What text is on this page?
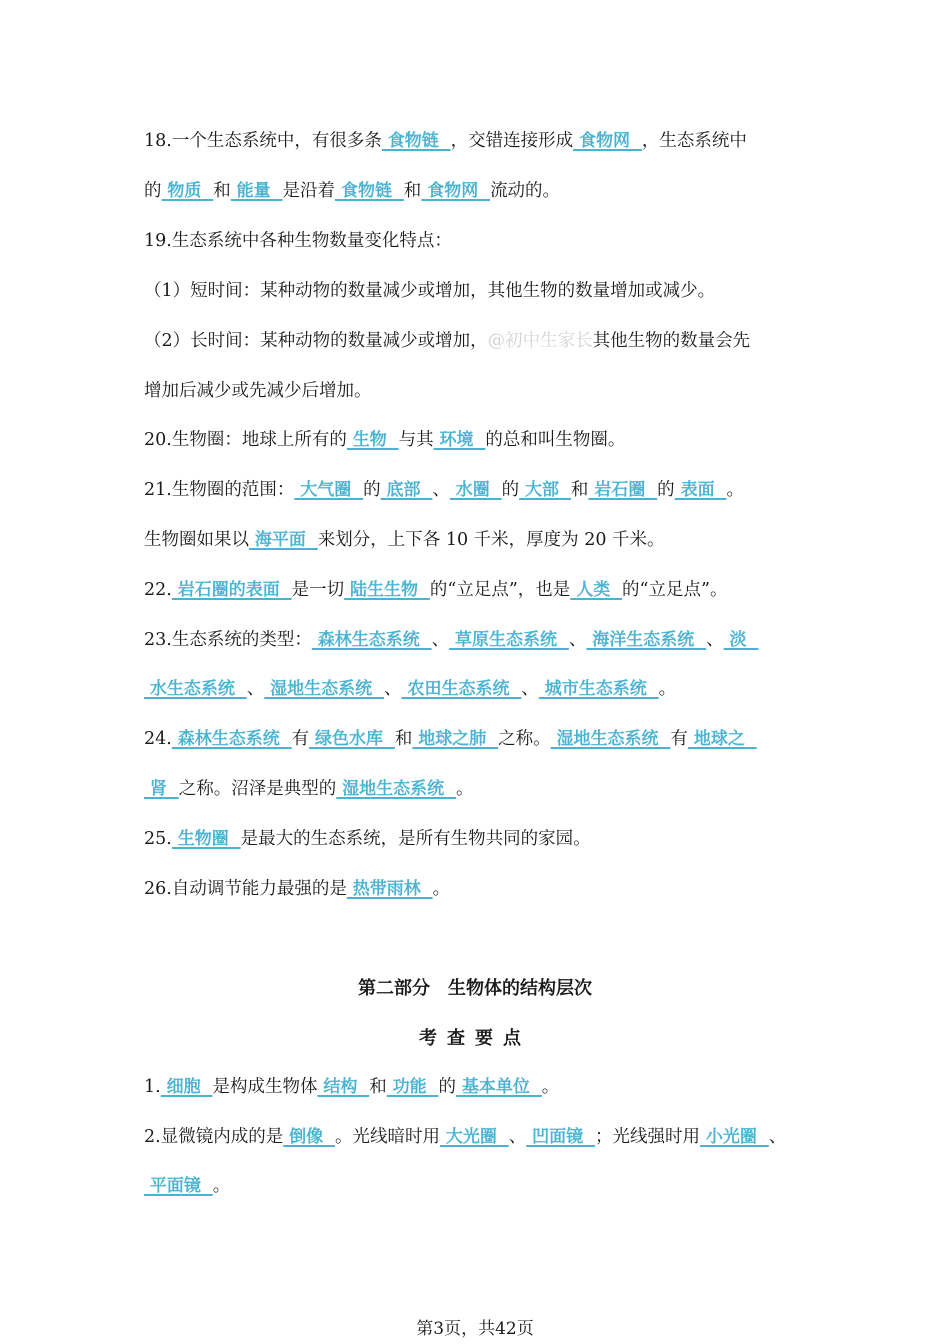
18.一个生态系统中，有很多条 食物链  ，交错连接形成 食物网  ，生态系统中
的 物质  和 能量  是沿着 食物链  和 食物网  流动的。
19.生态系统中各种生物数量变化特点：
（1）短时间：某种动物的数量减少或增加，其他生物的数量增加或减少。
（2）长时间：某种动物的数量减少或增加，@初中生家长其他生物的数量会先
增加后减少或先减少后增加。
20.生物圈：地球上所有的 生物  与其 环境  的总和叫生物圈。
21.生物圈的范围： 大气圈  的 底部  、 水圈  的 大部  和 岩石圈  的 表面  。
生物圈如果以 海平面  来划分，上下各 10 千米，厚度为 20 千米。
22. 岩石圈的表面  是一切 陆生生物  的“立足点”，也是 人类  的“立足点”。
23.生态系统的类型： 森林生态系统  、 草原生态系统  、 海洋生态系统  、 淡
水生态系统  、 湿地生态系统  、 农田生态系统  、 城市生态系统  。
24. 森林生态系统  有 绿色水库  和 地球之肺  之称。 湿地生态系统  有 地球之
肾  之称。沼泽是典型的 湿地生态系统  。
25. 生物圈  是最大的生态系统，是所有生物共同的家园。
26.自动调节能力最强的是 热带雨林  。
第二部分　生物体的结构层次
考查要点
1. 细胞  是构成生物体 结构  和 功能  的 基本单位  。
2.显微镜内成的是 倒像  。光线暗时用 大光圈  、 凹面镜  ；光线强时用 小光圈  、
平面镜  。
第3页，共42页
